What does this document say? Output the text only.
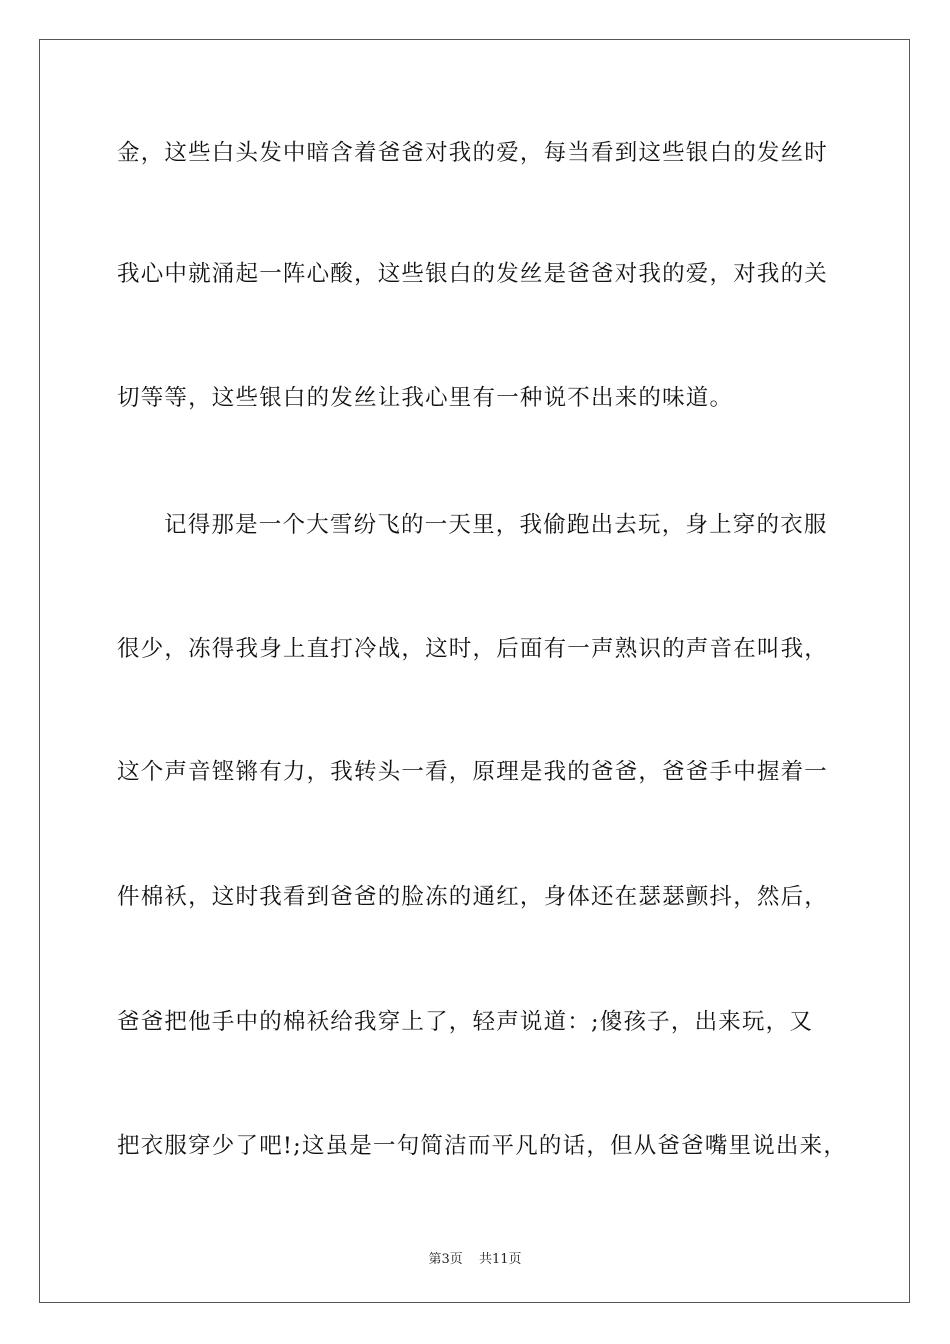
金，这些白头发中暗含着爸爸对我的爱，每当看到这些银白的发丝时
我心中就涌起一阵心酸，这些银白的发丝是爸爸对我的爱，对我的关
切等等，这些银白的发丝让我心里有一种说不出来的味道。
记得那是一个大雪纷飞的一天里，我偷跑出去玩，身上穿的衣服
很少，冻得我身上直打冷战，这时，后面有一声熟识的声音在叫我，
这个声音铿锵有力，我转头一看，原理是我的爸爸，爸爸手中握着一
件棉袄，这时我看到爸爸的脸冻的通红，身体还在瑟瑟颤抖，然后，
爸爸把他手中的棉袄给我穿上了，轻声说道：;傻孩子，出来玩，又
把衣服穿少了吧!;这虽是一句简洁而平凡的话，但从爸爸嘴里说出来，
第3页 共11页
